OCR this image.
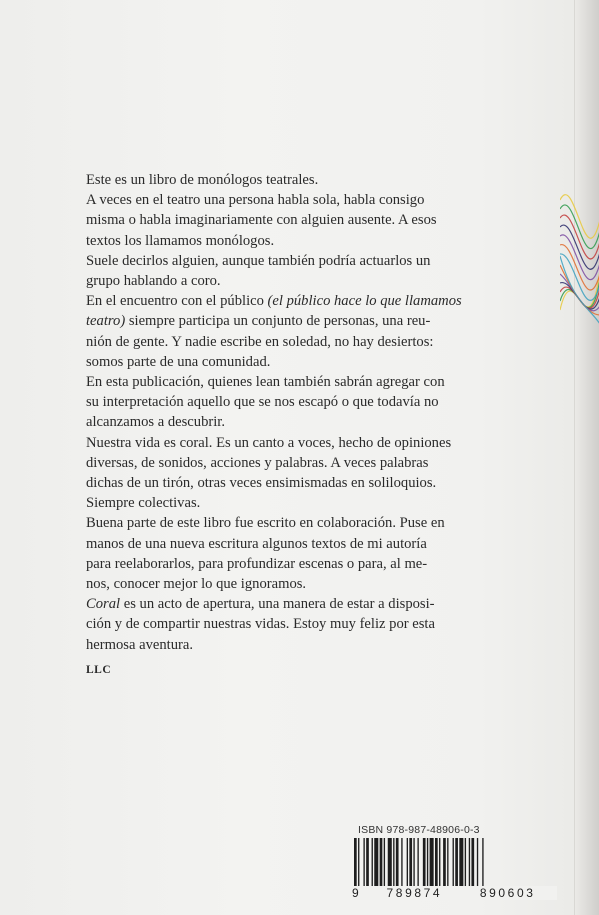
Este es un libro de monólogos teatrales.

A veces en el teatro una persona habla sola, habla consigo

misma o habla imaginariamente con alguien ausente. A esos

textos los llamamos monólogos.

Suele decirlos alguien, aunque también podría actuarlos un

grupo hablando a coro.

En el encuentro con el público (el público hace lo que llamamos

teatro) siempre participa un conjunto de personas, una reu-

nión de gente. Y nadie escribe en soledad, no hay desiertos:

somos parte de una comunidad.

En esta publicación, quienes lean también sabrán agregar con

su interpretación aquello que se nos escapó o que todavía no

alcanzamos a descubrir.

Nuestra vida es coral. Es un canto a voces, hecho de opiniones

diversas, de sonidos, acciones y palabras. A veces palabras

dichas de un tirón, otras veces ensimismadas en soliloquios.

Siempre colectivas.

Buena parte de este libro fue escrito en colaboración. Puse en

manos de una nueva escritura algunos textos de mi autoría

para reelaborarlos, para profundizar escenas o para, al me-

nos, conocer mejor lo que ignoramos.

Coral es un acto de apertura, una manera de estar a disposi-

ción y de compartir nuestras vidas. Estoy muy feliz por esta

hermosa aventura.

LLC

ISBN 978-987-48906-0-3
9 789874	890603
